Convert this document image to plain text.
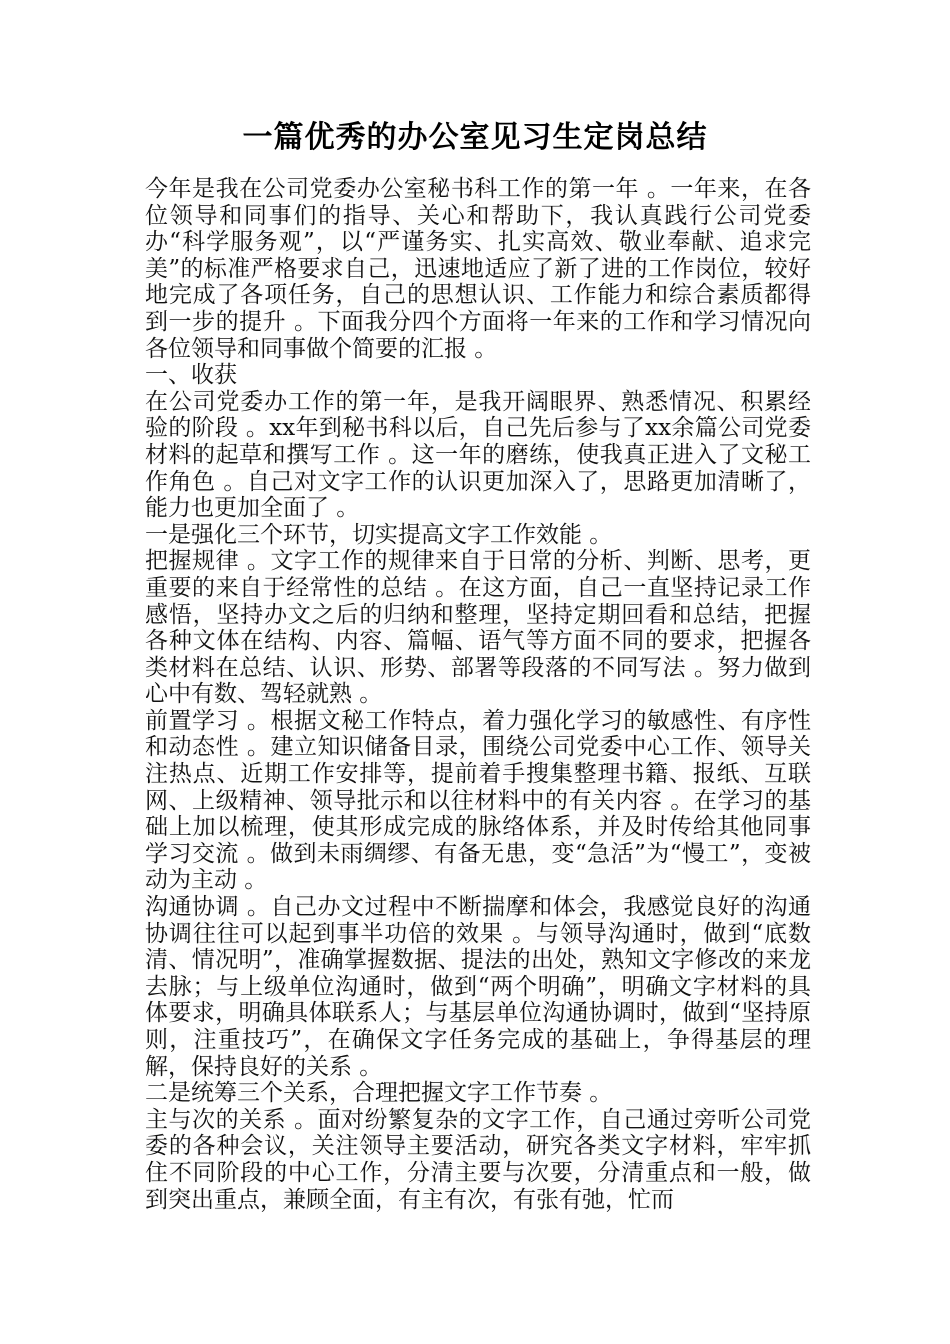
一篇优秀的办公室见习生定岗总结

今年是我在公司党委办公室秘书科工作的第一年 。一年来，在各位领导和同事们的指导、关心和帮助下，我认真践行公司党委办“科学服务观”，以“严谨务实、扎实高效、敬业奉献、追求完美”的标准严格要求自己，迅速地适应了新了进的工作岗位，较好地完成了各项任务，自己的思想认识、工作能力和综合素质都得到一步的提升 。下面我分四个方面将一年来的工作和学习情况向各位领导和同事做个简要的汇报 。

一、收获

在公司党委办工作的第一年，是我开阔眼界、熟悉情况、积累经验的阶段 。xx年到秘书科以后，自己先后参与了xx余篇公司党委材料的起草和撰写工作 。这一年的磨练，使我真正进入了文秘工作角色 。自己对文字工作的认识更加深入了，思路更加清晰了，能力也更加全面了 。

一是强化三个环节，切实提高文字工作效能 。

把握规律 。文字工作的规律来自于日常的分析、判断、思考，更重要的来自于经常性的总结 。在这方面，自己一直坚持记录工作感悟，坚持办文之后的归纳和整理，坚持定期回看和总结，把握各种文体在结构、内容、篇幅、语气等方面不同的要求，把握各类材料在总结、认识、形势、部署等段落的不同写法 。努力做到心中有数、驾轻就熟 。

前置学习 。根据文秘工作特点，着力强化学习的敏感性、有序性和动态性 。建立知识储备目录，围绕公司党委中心工作、领导关注热点、近期工作安排等，提前着手搜集整理书籍、报纸、互联网、上级精神、领导批示和以往材料中的有关内容 。在学习的基础上加以梳理，使其形成完成的脉络体系，并及时传给其他同事学习交流 。做到未雨绸缪、有备无患，变“急活”为“慢工”，变被动为主动 。

沟通协调 。自己办文过程中不断揣摩和体会，我感觉良好的沟通协调往往可以起到事半功倍的效果 。与领导沟通时，做到“底数清、情况明”，准确掌握数据、提法的出处，熟知文字修改的来龙去脉；与上级单位沟通时，做到“两个明确”，明确文字材料的具体要求，明确具体联系人；与基层单位沟通协调时，做到“坚持原则，注重技巧”，在确保文字任务完成的基础上，争得基层的理解，保持良好的关系 。

二是统筹三个关系，合理把握文字工作节奏 。

主与次的关系 。面对纷繁复杂的文字工作，自己通过旁听公司党委的各种会议，关注领导主要活动，研究各类文字材料，牢牢抓住不同阶段的中心工作，分清主要与次要，分清重点和一般，做到突出重点，兼顾全面，有主有次，有张有弛，忙而
